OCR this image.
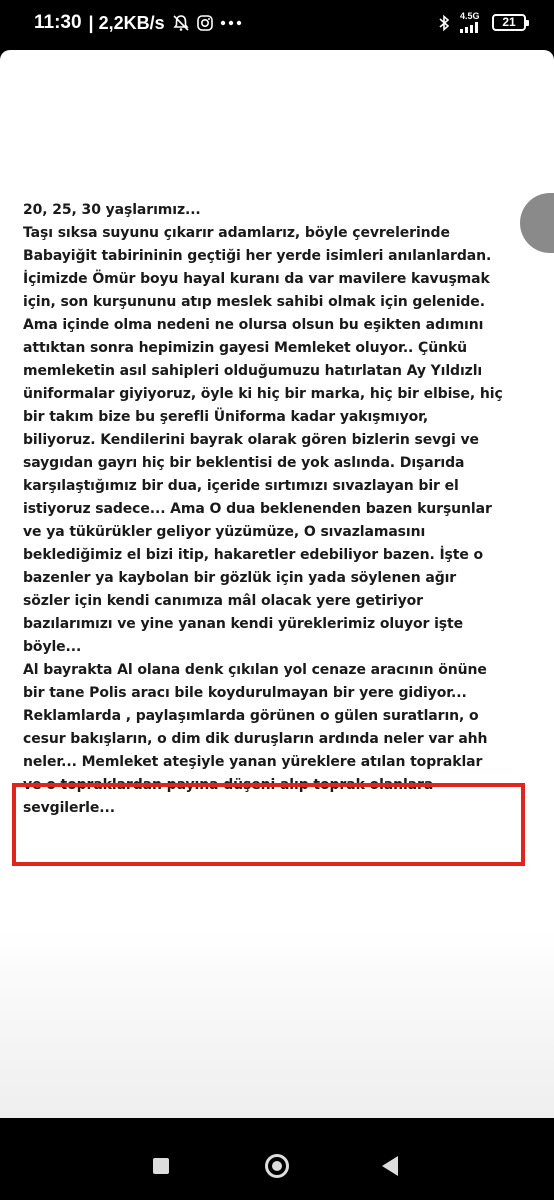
11:30 | 2,2KB/s	4.5G	21
20, 25, 30 yaşlarımız...
Taşı sıksa suyunu çıkarır adamlarız, böyle çevrelerinde
Babayiğit tabirininin geçtiği her yerde isimleri anılanlardan.
İçimizde Ömür boyu hayal kuranı da var mavilere kavuşmak
için, son kurşununu atıp meslek sahibi olmak için gelenide.
Ama içinde olma nedeni ne olursa olsun bu eşikten adımını
attıktan sonra hepimizin gayesi Memleket oluyor.. Çünkü
memleketin asıl sahipleri olduğumuzu hatırlatan Ay Yıldızlı
üniformalar giyiyoruz, öyle ki hiç bir marka, hiç bir elbise, hiç
bir takım bize bu şerefli Üniforma kadar yakışmıyor,
biliyoruz. Kendilerini bayrak olarak gören bizlerin sevgi ve
saygıdan gayrı hiç bir beklentisi de yok aslında. Dışarıda
karşılaştığımız bir dua, içeride sırtımızı sıvazlayan bir el
istiyoruz sadece... Ama O dua beklenenden bazen kurşunlar
ve ya tükürükler geliyor yüzümüze, O sıvazlamasını
beklediğimiz el bizi itip, hakaretler edebiliyor bazen. İşte o
bazenler ya kaybolan bir gözlük için yada söylenen ağır
sözler için kendi canımıza mâl olacak yere getiriyor
bazılarımızı ve yine yanan kendi yüreklerimiz oluyor işte
böyle...
Al bayrakta Al olana denk çıkılan yol cenaze aracının önüne
bir tane Polis aracı bile koydurulmayan bir yere gidiyor...
Reklamlarda , paylaşımlarda görünen o gülen suratların, o
cesur bakışların, o dim dik duruşların ardında neler var ahh
neler... Memleket ateşiyle yanan yüreklere atılan topraklar
ve o topraklardan payına düşeni alıp toprak olanlara
sevgilerle...
